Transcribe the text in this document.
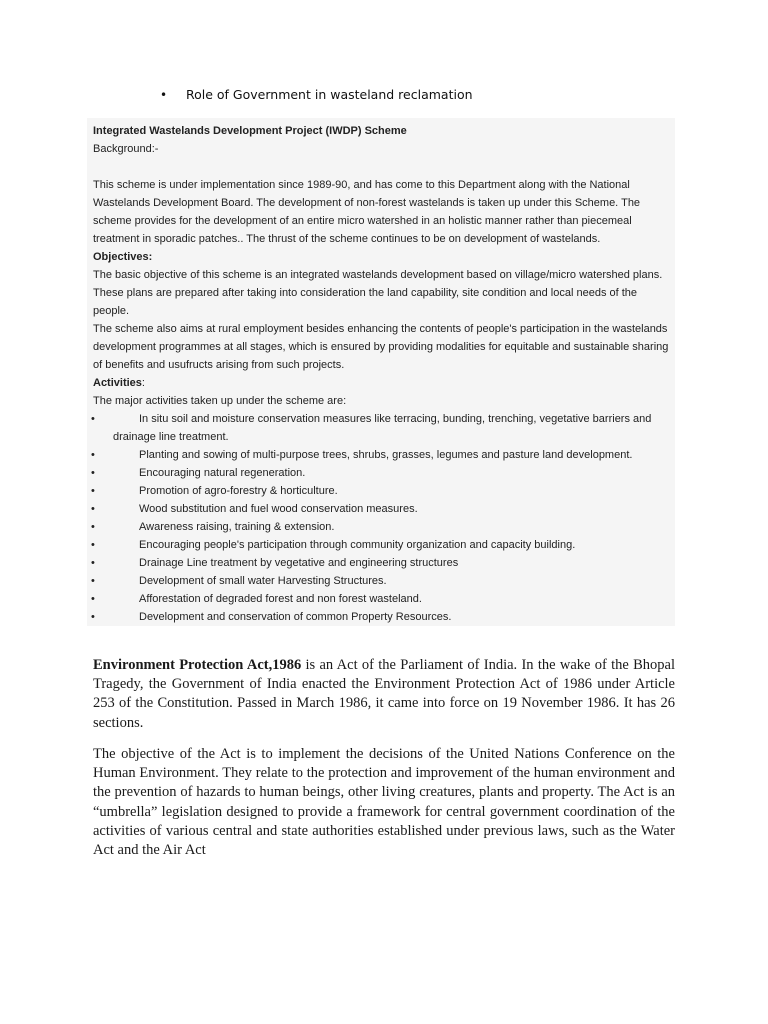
• Role of Government in wasteland reclamation

Integrated Wastelands Development Project (IWDP) Scheme

Background:-

This scheme is under implementation since 1989-90, and has come to this Department along with the National Wastelands Development Board. The development of non-forest wastelands is taken up under this Scheme. The scheme provides for the development of an entire micro watershed in an holistic manner rather than piecemeal treatment in sporadic patches.. The thrust of the scheme continues to be on development of wastelands.

Objectives:

The basic objective of this scheme is an integrated wastelands development based on village/micro watershed plans. These plans are prepared after taking into consideration the land capability, site condition and local needs of the people.

The scheme also aims at rural employment besides enhancing the contents of people's participation in the wastelands development programmes at all stages, which is ensured by providing modalities for equitable and sustainable sharing of benefits and usufructs arising from such projects.

Activities:

The major activities taken up under the scheme are:

•	In situ soil and moisture conservation measures like terracing, bunding, trenching, vegetative barriers and drainage line treatment.
•	Planting and sowing of multi-purpose trees, shrubs, grasses, legumes and pasture land development.
•	Encouraging natural regeneration.
•	Promotion of agro-forestry & horticulture.
•	Wood substitution and fuel wood conservation measures.
•	Awareness raising, training & extension.
•	Encouraging people's participation through community organization and capacity building.
•	Drainage Line treatment by vegetative and engineering structures
•	Development of small water Harvesting Structures.
•	Afforestation of degraded forest and non forest wasteland.
•	Development and conservation of common Property Resources.

Environment Protection Act,1986 is an Act of the Parliament of India. In the wake of the Bhopal Tragedy, the Government of India enacted the Environment Protection Act of 1986 under Article 253 of the Constitution. Passed in March 1986, it came into force on 19 November 1986. It has 26 sections.

The objective of the Act is to implement the decisions of the United Nations Conference on the Human Environment. They relate to the protection and improvement of the human environment and the prevention of hazards to human beings, other living creatures, plants and property. The Act is an “umbrella” legislation designed to provide a framework for central government coordination of the activities of various central and state authorities established under previous laws, such as the Water Act and the Air Act
